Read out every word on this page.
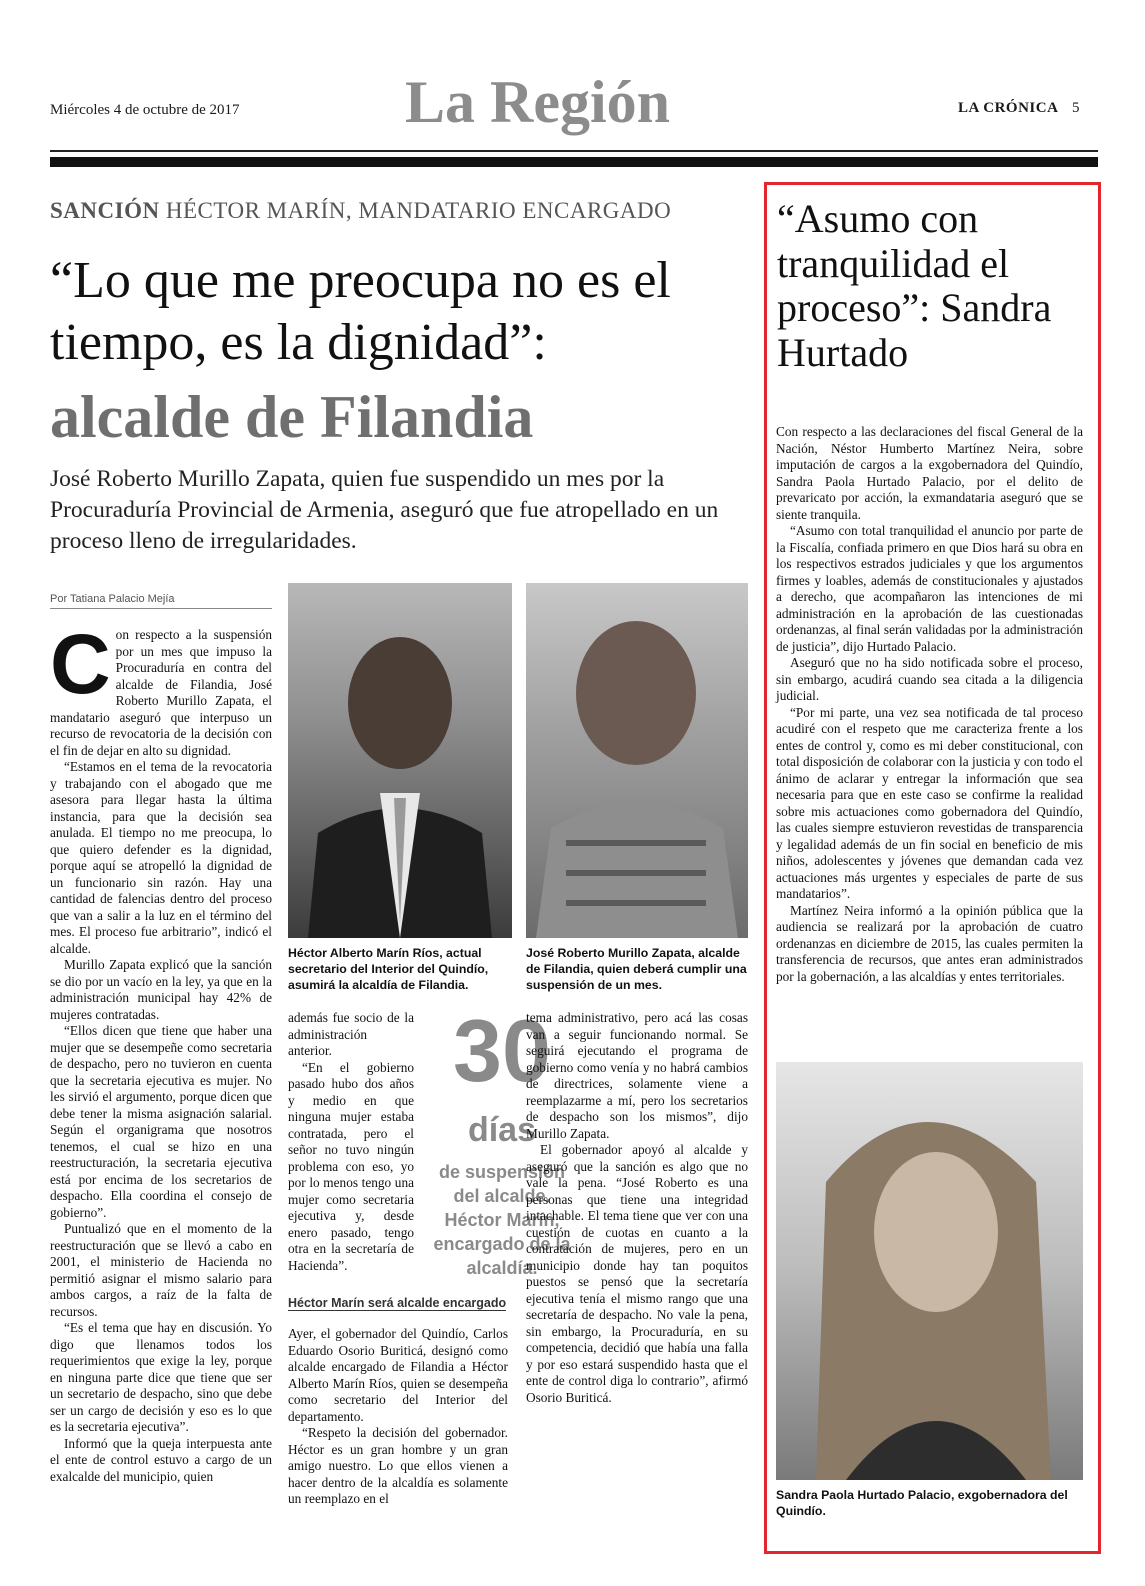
Miércoles 4 de octubre de 2017	La Región	LA CRÓNICA 5
SANCIÓN HÉCTOR MARÍN, MANDATARIO ENCARGADO
“Lo que me preocupa no es el tiempo, es la dignidad”:
alcalde de Filandia
José Roberto Murillo Zapata, quien fue suspendido un mes por la Procuraduría Provincial de Armenia, aseguró que fue atropellado en un proceso lleno de irregularidades.
Por Tatiana Palacio Mejía

Con respecto a la suspensión por un mes que impuso la Procuraduría en contra del alcalde de Filandia, José Roberto Murillo Zapata, el mandatario aseguró que interpuso un recurso de revocatoria de la decisión con el fin de dejar en alto su dignidad.

“Estamos en el tema de la revocatoria y trabajando con el abogado que me asesora para llegar hasta la última instancia, para que la decisión sea anulada. El tiempo no me preocupa, lo que quiero defender es la dignidad, porque aquí se atropelló la dignidad de un funcionario sin razón. Hay una cantidad de falencias dentro del proceso que van a salir a la luz en el término del mes. El proceso fue arbitrario”, indicó el alcalde.

Murillo Zapata explicó que la sanción se dio por un vacío en la ley, ya que en la administración municipal hay 42% de mujeres contratadas.

“Ellos dicen que tiene que haber una mujer que se desempeñe como secretaria de despacho, pero no tuvieron en cuenta que la secretaria ejecutiva es mujer. No les sirvió el argumento, porque dicen que debe tener la misma asignación salarial. Según el organigrama que nosotros tenemos, el cual se hizo en una reestructuración, la secretaria ejecutiva está por encima de los secretarios de despacho. Ella coordina el consejo de gobierno”.

Puntualizó que en el momento de la reestructuración que se llevó a cabo en 2001, el ministerio de Hacienda no permitió asignar el mismo salario para ambos cargos, a raíz de la falta de recursos.

“Es el tema que hay en discusión. Yo digo que llenamos todos los requerimientos que exige la ley, porque en ninguna parte dice que tiene que ser un secretario de despacho, sino que debe ser un cargo de decisión y eso es lo que es la secretaria ejecutiva”.

Informó que la queja interpuesta ante el ente de control estuvo a cargo de un exalcalde del municipio, quien

Héctor Alberto Marín Ríos, actual secretario del Interior del Quindío, asumirá la alcaldía de Filandia.
José Roberto Murillo Zapata, alcalde de Filandia, quien deberá cumplir una suspensión de un mes.

además fue socio de la administración anterior.

“En el gobierno pasado hubo dos años y medio en que ninguna mujer estaba contratada, pero el señor no tuvo ningún problema con eso, yo por lo menos tengo una mujer como secretaria ejecutiva y, desde enero pasado, tengo otra en la secretaría de Hacienda”.

30
días
de suspensión del alcalde. Héctor Marín, encargado de la alcaldía.
Héctor Marín será alcalde encargado

Ayer, el gobernador del Quindío, Carlos Eduardo Osorio Buriticá, designó como alcalde encargado de Filandia a Héctor Alberto Marín Ríos, quien se desempeña como secretario del Interior del departamento.

“Respeto la decisión del gobernador. Héctor es un gran hombre y un gran amigo nuestro. Lo que ellos vienen a hacer dentro de la alcaldía es solamente un reemplazo en el

tema administrativo, pero acá las cosas van a seguir funcionando normal. Se seguirá ejecutando el programa de gobierno como venía y no habrá cambios de directrices, solamente viene a reemplazarme a mí, pero los secretarios de despacho son los mismos”, dijo Murillo Zapata.

El gobernador apoyó al alcalde y aseguró que la sanción es algo que no vale la pena. “José Roberto es una personas que tiene una integridad intachable. El tema tiene que ver con una cuestión de cuotas en cuanto a la contratación de mujeres, pero en un municipio donde hay tan poquitos puestos se pensó que la secretaría ejecutiva tenía el mismo rango que una secretaría de despacho. No vale la pena, sin embargo, la Procuraduría, en su competencia, decidió que había una falla y por eso estará suspendido hasta que el ente de control diga lo contrario”, afirmó Osorio Buriticá.

“Asumo con tranquilidad el proceso”: Sandra Hurtado

Con respecto a las declaraciones del fiscal General de la Nación, Néstor Humberto Martínez Neira, sobre imputación de cargos a la exgobernadora del Quindío, Sandra Paola Hurtado Palacio, por el delito de prevaricato por acción, la exmandataria aseguró que se siente tranquila.

“Asumo con total tranquilidad el anuncio por parte de la Fiscalía, confiada primero en que Dios hará su obra en los respectivos estrados judiciales y que los argumentos firmes y loables, además de constitucionales y ajustados a derecho, que acompañaron las intenciones de mi administración en la aprobación de las cuestionadas ordenanzas, al final serán validadas por la administración de justicia”, dijo Hurtado Palacio.

Aseguró que no ha sido notificada sobre el proceso, sin embargo, acudirá cuando sea citada a la diligencia judicial.

“Por mi parte, una vez sea notificada de tal proceso acudiré con el respeto que me caracteriza frente a los entes de control y, como es mi deber constitucional, con total disposición de colaborar con la justicia y con todo el ánimo de aclarar y entregar la información que sea necesaria para que en este caso se confirme la realidad sobre mis actuaciones como gobernadora del Quindío, las cuales siempre estuvieron revestidas de transparencia y legalidad además de un fin social en beneficio de mis niños, adolescentes y jóvenes que demandan cada vez actuaciones más urgentes y especiales de parte de sus mandatarios”.

Martínez Neira informó a la opinión pública que la audiencia se realizará por la aprobación de cuatro ordenanzas en diciembre de 2015, las cuales permiten la transferencia de recursos, que antes eran administrados por la gobernación, a las alcaldías y entes territoriales.

Sandra Paola Hurtado Palacio, exgobernadora del Quindío.
